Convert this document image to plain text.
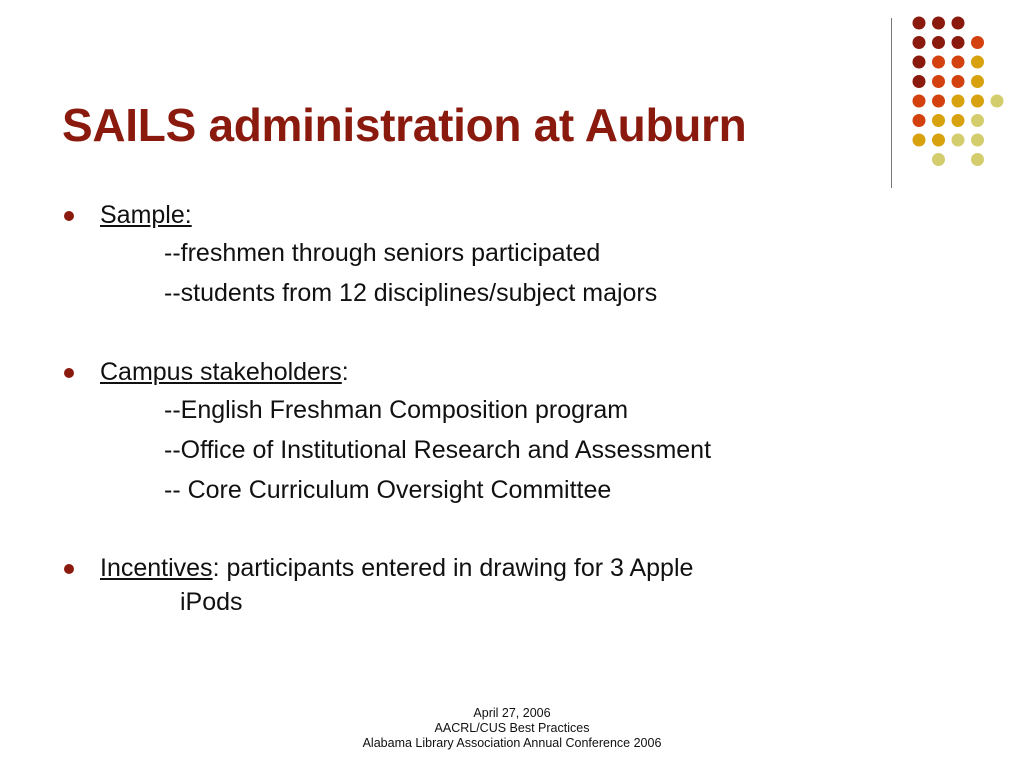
SAILS administration at Auburn
Sample:
--freshmen through seniors participated
--students from 12 disciplines/subject majors
Campus stakeholders:
--English Freshman Composition program
--Office of Institutional Research and Assessment
-- Core Curriculum Oversight Committee
Incentives: participants entered in drawing for 3 Apple
iPods
April 27, 2006
AACRL/CUS Best Practices
Alabama Library Association Annual Conference 2006
